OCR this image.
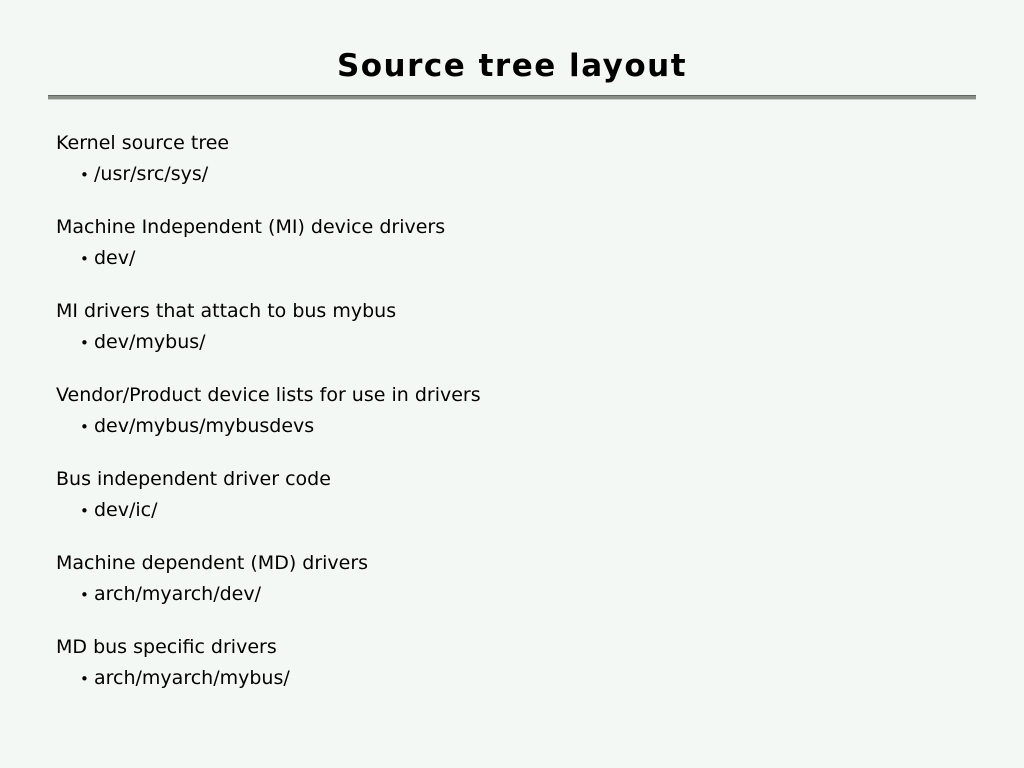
Source tree layout
Kernel source tree
• /usr/src/sys/
Machine Independent (MI) device drivers
• dev/
MI drivers that attach to bus mybus
• dev/mybus/
Vendor/Product device lists for use in drivers
• dev/mybus/mybusdevs
Bus independent driver code
• dev/ic/
Machine dependent (MD) drivers
• arch/myarch/dev/
MD bus specific drivers
• arch/myarch/mybus/
